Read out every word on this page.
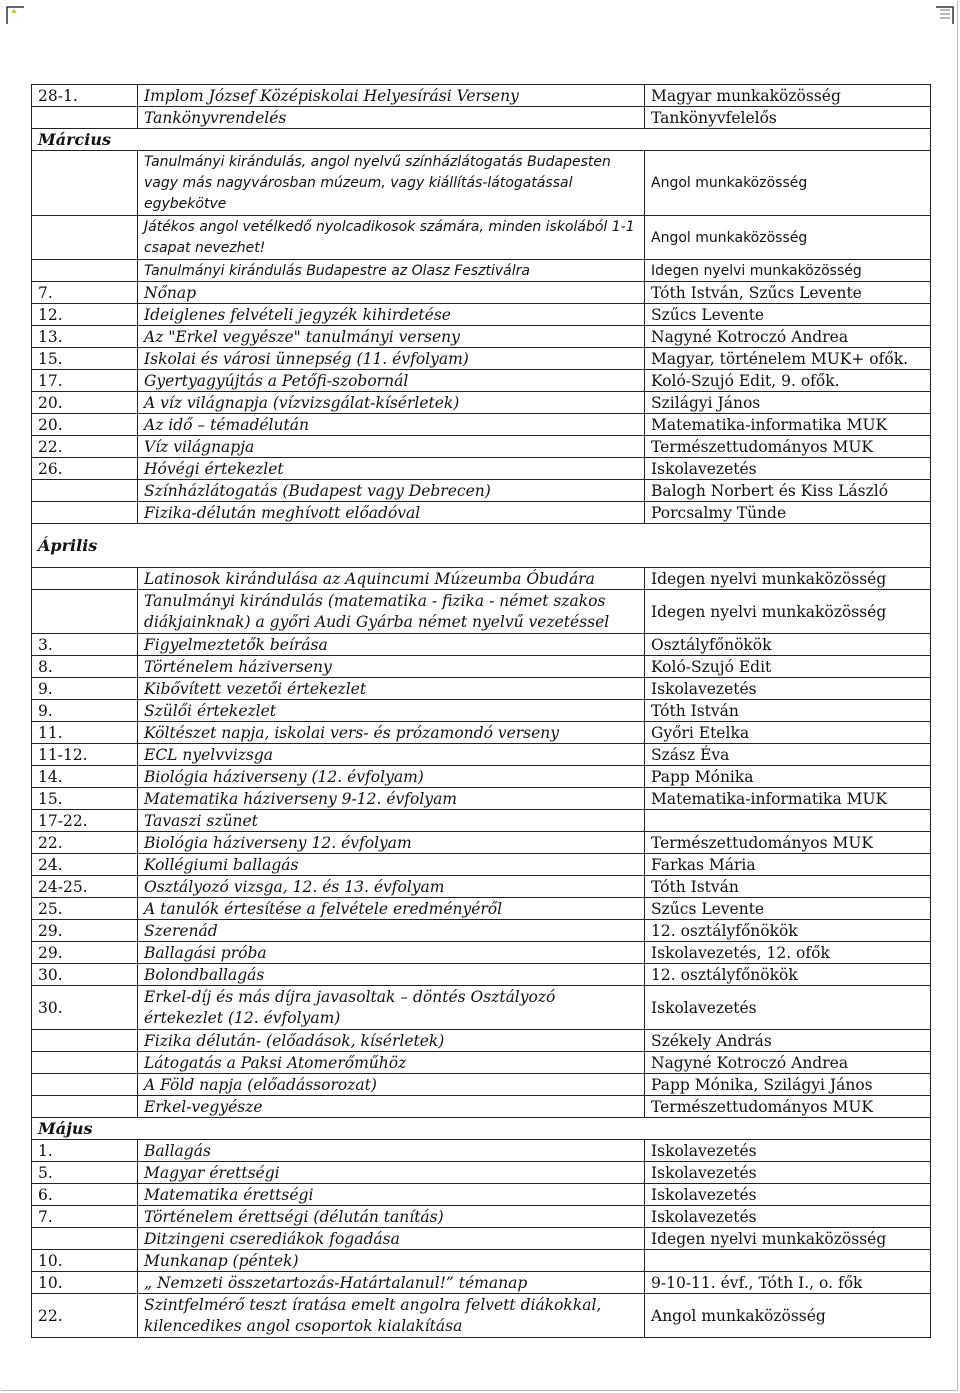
28-1.	Implom József Középiskolai Helyesírási Verseny	Magyar munkaközösség
	Tankönyvrendelés	Tankönyvfelelős
Március		
	Tanulmányi kirándulás, angol nyelvű színházlátogatás Budapesten vagy más nagyvárosban múzeum, vagy kiállítás-látogatással egybekötve	Angol munkaközösség
	Játékos angol vetélkedő nyolcadikosok számára, minden iskolából 1-1 csapat nevezhet!	Angol munkaközösség
	Tanulmányi kirándulás Budapestre az Olasz Fesztiválra	Idegen nyelvi munkaközösség
7.	Nőnap	Tóth István, Szűcs Levente
12.	Ideiglenes felvételi jegyzék kihirdetése	Szűcs Levente
13.	Az "Erkel vegyésze" tanulmányi verseny	Nagyné Kotroczó Andrea
15.	Iskolai és városi ünnepség (11. évfolyam)	Magyar, történelem MUK+ ofők.
17.	Gyertyagyújtás a Petőfi-szobornál	Koló-Szujó Edit, 9. ofők.
20.	A víz világnapja (vízvizsgálat-kísérletek)	Szilágyi János
20.	Az idő – témadélután	Matematika-informatika MUK
22.	Víz világnapja	Természettudományos MUK
26.	Hóvégi értekezlet	Iskolavezetés
	Színházlátogatás (Budapest vagy Debrecen)	Balogh Norbert és Kiss László
	Fizika-délután meghívott előadóval	Porcsalmy Tünde
Április		
	Latinosok kirándulása az Aquincumi Múzeumba Óbudára	Idegen nyelvi munkaközösség
	Tanulmányi kirándulás (matematika - fizika - német szakos diákjainknak) a győri Audi Gyárba német nyelvű vezetéssel	Idegen nyelvi munkaközösség
3.	Figyelmeztetők beírása	Osztályfőnökök
8.	Történelem háziverseny	Koló-Szujó Edit
9.	Kibővített vezetői értekezlet	Iskolavezetés
9.	Szülői értekezlet	Tóth István
11.	Költészet napja, iskolai vers- és prózamondó verseny	Győri Etelka
11-12.	ECL nyelvvizsga	Szász Éva
14.	Biológia háziverseny (12. évfolyam)	Papp Mónika
15.	Matematika háziverseny 9-12. évfolyam	Matematika-informatika MUK
17-22.	Tavaszi szünet	
22.	Biológia háziverseny 12. évfolyam	Természettudományos MUK
24.	Kollégiumi ballagás	Farkas Mária
24-25.	Osztályozó vizsga, 12. és 13. évfolyam	Tóth István
25.	A tanulók értesítése a felvétele eredményéről	Szűcs Levente
29.	Szerenád	12. osztályfőnökök
29.	Ballagási próba	Iskolavezetés, 12. ofők
30.	Bolondballagás	12. osztályfőnökök
30.	Erkel-díj és más díjra javasoltak – döntés Osztályozó értekezlet (12. évfolyam)	Iskolavezetés
	Fizika délután- (előadások, kísérletek)	Székely András
	Látogatás a Paksi Atomerőműhöz	Nagyné Kotroczó Andrea
	A Föld napja (előadássorozat)	Papp Mónika, Szilágyi János
	Erkel-vegyésze	Természettudományos MUK
Május		
1.	Ballagás	Iskolavezetés
5.	Magyar érettségi	Iskolavezetés
6.	Matematika érettségi	Iskolavezetés
7.	Történelem érettségi (délután tanítás)	Iskolavezetés
	Ditzingeni cserediákok fogadása	Idegen nyelvi munkaközösség
10.	Munkanap (péntek)	
10.	„ Nemzeti összetartozás-Határtalanul!” témanap	9-10-11. évf., Tóth I., o. fők
22.	Szintfelmérő teszt íratása emelt angolra felvett diákokkal, kilencedikes angol csoportok kialakítása	Angol munkaközösség
